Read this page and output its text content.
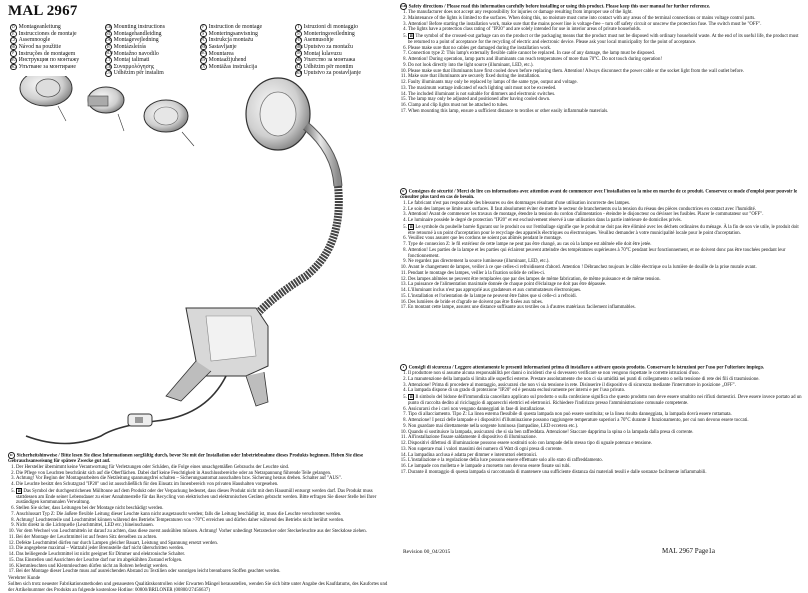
MAL 2967
D Montageanleitung
E Instrucciones de montaje
CZ Assemnoogle
SK Návod na použitie
P Instruções de montagem
RU Инструкция по монтажу
BG Упътване за монтиране
GB Mounting instructions
NL Montagehandleiding
DK Montagevejledning
H Montázsleírás
SLO Montažno navodilo
LT Montaj talimati
GR Συναρμολόγησης
UA Udhëzim për instalim
F Instruction de montage
S Monteringsanvisning
PL Instrukcja montażu
HR Sastavljanje
RO Mountarea
EST Montaažijuhend
LV Montāžas instrukcija
I Istruzioni di montaggio
N Monteringsveiledning
FIN Asennusohje
SRB Uputstvo za montažu
TR Montaj kılavuzu
MK Упатство за монтажа
AL Udhëzim për montim
BIH Uputstvo za postavljanje
D Sicherheitshinweise / Bitte lesen Sie diese Informationen sorgfältig durch, bevor Sie mit der Installation oder Inbetriebnahme dieses Produkts beginnen. Heben Sie diese Gebrauchsanweisung für spätere Zwecke gut auf.
1. Der Hersteller übernimmt keine Verantwortung für Verletzungen oder Schäden, die Folge eines unsachgemäßen Gebrauchs der Leuchte sind.
2. Die Pflege von Leuchten beschränkt sich auf die Oberflächen. Dabei darf keine Feuchtigkeit in Anschlussbereiche oder an Netzspannung führende Teile gelangen.
3. Achtung! Vor Beginn der Montagearbeiten die Netzleitung spannungsfrei schalten – Sicherungsautomat ausschalten bzw. Sicherung heraus drehen. Schalter auf "AUS".
4. Die Leuchte besitzt den Schutzgrad "IP20" und ist ausschließlich für den Einsatz im Innenbereich von privaten Haushalten vorgesehen.
5. ⊠ Das Symbol der durchgestrichenen Mülltonne auf dem Produkt oder der Verpackung bedeutet, dass dieses Produkt nicht mit dem Hausmüll entsorgt werden darf. Das Produkt muss stattdessen am Ende seiner Lebensdauer zu einer Annahmestelle für das Recycling von elektrischen und elektronischen Geräten gebracht werden. Bitte erfragen Sie dieser Stelle bei Ihrer zuständigen kommunalen Verwaltung.
6. Stellen Sie sicher, dass Leitungen bei der Montage nicht beschädigt werden.
7. Anschlussart Typ Z: Die äußere flexible Leitung dieser Leuchte kann nicht ausgetauscht werden; falls die Leitung beschädigt ist, muss die Leuchte verschrottet werden.
8. Achtung! Leuchtenteile und Leuchtmittel können während des Betriebs Temperaturen von >70°C erreichen und dürfen daher während des Betriebs nicht berührt werden.
9. Nicht direkt in die Lichtquelle (Leuchtmittel, LED etc.) hineinschauen.
10. Vor dem Wechsel von Leuchtmitteln ist darauf zu achten, dass diese zuerst auskühlen müssen. Achtung! Vorher unbedingt Netzstecker oder Steckerleuchte aus der Steckdose ziehen.
11. Bei der Montage der Leuchtmittel ist auf festen Sitz derselben zu achten.
12. Defekte Leuchtmittel dürfen nur durch Lampen gleicher Bauart, Leistung und Spannung ersetzt werden.
13. Die angegebene maximal – Wattzahl jeder Brennstelle darf nicht überschritten werden.
14. Das beiliegende Leuchtmittel ist nicht geeignet für Dimmer und elektronische Schalter.
15. Das Einstellen und Ausrichten der Leuchte darf nur im abgekühlten Zustand erfolgen.
16. Klemmleuchten und Klemmleuchten dürfen nicht an Rohren befestigt werden.
17. Bei der Montage dieser Leuchte muss auf ausreichenden Abstand zu Textilien oder sonstigen leicht brennbaren Stoffen geachtet werden.
Verehrter Kunde
Sollten sich trotz neuester Fabrikationsmethoden und genauesten Qualitätskontrollen wider Erwarten Mängel herausstellen, wenden Sie sich bitte unter Angabe des Kaufdatums, des Kaufortes und der Artikelnummer des Produkts an folgende kostenlose Hotline: 00800/BRILONER (00800/27456637)
GB Safety directions / Please read this information carefully before installing or using this product. Please keep this user manual for further reference.
1. The manufacturer does not accept any responsibility for injuries or damage resulting from improper use of the light.
2. Maintenance of the lights is limited to the surfaces. When doing this, no moisture must come into contact with any areas of the terminal connections or mains voltage control parts.
3. Attention! Before starting the installation work, make sure that the mains power line is voltage-free – turn off safety circuit or unscrew the protection fuse. The switch must be "OFF".
4. The lights have a protection class rating of "IP20" and are solely intended for use in interior areas of private households.
5. ⊠ The symbol of the crossed-out garbage can on the product or the packaging means that the product must not be disposed with ordinary household waste. At the end of its useful life, the product must be returned to a point of acceptance for the recycling of electric and electronic device. Please ask your local municipality for the point of acceptance.
6. Please make sure that no cables get damaged during the installation work.
7. Connection type Z: This lamp's externally flexible cable cannot be replaced. In case of any damage, the lamp must be disposed.
8. Attention! During operation, lamp parts and illuminants can reach temperatures of more than 70°C. Do not touch during operation!
9. Do not look directly into the light source (illuminant, LED, etc.).
10. Please make sure that illuminants have first cooled down before replacing them. Attention! Always disconnect the power cable or the socket light from the wall outlet before.
11. Make sure that illuminants are securely fixed during the installation.
12. Faulty illuminants may only be replaced by lamps of the same type, output and voltage.
13. The maximum wattage indicated of each lighting unit must not be exceeded.
14. The included illuminant is not suitable for dimmers and electronic switches.
15. The lamp may only be adjusted and positioned after having cooled down.
16. Clamp and clip lights must not be attached to tubes.
17. When mounting this lamp, ensure a sufficient distance to textiles or other easily inflammable materials.
F Consignes de sécurité / Merci de lire ces informations avec attention avant de commencer avec l'installation ou la mise en marche de ce produit. Conservez ce mode d'emploi pour pouvoir le consulter plus tard en cas de besoin.
1. Le fabricant n'est pas responsable des blessures ou des dommages résultant d'une utilisation incorrecte des lampes.
2. Le soin des lampes se limite aux surfaces. Il faut absolument éviter de mettre le secteur de branchements ou la tension du réseau des pièces conductrices en contact avec l'humidité.
3. Attention! Avant de commencer les travaux de montage, étendre la tension du cordon d'alimentation - éteindre le disjoncteur ou dévisser les fusibles. Placer le commutateur sur "OFF".
4. Le luminaire possède le degré de protection "IP20" et est exclusivement réservé à une utilisation dans la partie intérieure de domiciles privés.
5. ⊠ Le symbole du poubelle barrée figurant sur le produit ou sur l'emballage signifie que le produit ne doit pas être éliminé avec les déchets ordinaires du ménage. À la fin de son vie utile, le produit doit être retourné à un point d'acceptation pour le recyclage des appareils électriques ou électroniques. Veuillez demander à votre municipalité locale pour le point d'acceptation.
6. Veuillez vous assurer que les cordons ne soient pas abîmés pendant le montage.
7. Type de connexion Z: le fil extérieur de cette lampe ne peut pas être changé, au cas où la lampe est abîmée elle doit être jetée.
8. Attention! Les parties de la lampe et les parties qui éclairent peuvent atteindre des températures supérieures à 70°C pendant leur fonctionnement, et ne doivent donc pas être touchées pendant leur fonctionnement.
9. Ne regardez pas directement la source lumineuse (illuminant, LED, etc.).
10. Avant le changement de lampes, veiller à ce que celles-ci refroidissent d'abord. Attention ! Débranchez toujours le câble électrique ou la lumière de douille de la prise murale avant.
11. Pendant le montage des lampes, veiller à la fixation solide de celles-ci.
12. Des lampes abîmées ne peuvent être remplacées que par des lampes de même fabrication, de même puissance et de même tension.
13. La puissance de l'alimentation maximale donnée de chaque point d'éclairage ne doit pas être dépassée.
14. L'illuminant inclus n'est pas approprié aux gradateurs et aux commutateurs électroniques.
15. L'installation et l'orientation de la lampe ne peuvent être faites que si celle-ci a refroidi.
16. Des lumières de bride et d'agrafe ne doivent pas être fixées aux tubes.
17. En montant cette lampe, assurez une distance suffisante aux textiles ou à d'autres matériaux facilement inflammables.
I Consigli di sicurezza / Leggere attentamente le presenti informazioni prima di installare o attivare questo prodotto. Conservare le istruzioni per l'uso per l'ulteriore impiego.
1. Il produttore non si assume alcuna responsabilità per danni o incidenti che si dovessero verificare se non vengono rispettate le corrette istruzioni d'uso.
2. La manutenzione della lampada si limita alle superfici esterne. Prestare assolutamente che non ci sia umidità nei punti di collegamento o nella tensione di rete dei fili di trasmissione.
3. Attenzione! Prima di procedere al montaggio, assicurarsi che non vi sia tensione in rete. Disinserire il dispositivo di sicurezza mediante l'interruttore in posizione „OFF".
4. La lampada dispone di un grado di protezione "IP20" ed è pensata esclusivamente per interni e per l'uso privato.
5. ⊠ Il simbolo del bidone dell'immondizia cancellato applicato sul prodotto o sulla confezione significa che questo prodotto non deve essere smaltito nei rifiuti domestici. Deve essere invece portato ad un punto di raccolta dedito al riciclaggio di apparecchi elettrici ed elettronici. Richiedere l'indirizzo presso l'amministrazione comunale competente.
6. Assicurarsi che i cavi non vengano danneggiati in fase di installazione.
7. Tipo di allacciamento. Tipo Z: La linea esterna flessibile di questa lampada non può essere sostituita; se la linea risulta danneggiata, la lampada dovrà essere rottamata.
8. Attenzione! I pezzi delle lampade e i dispositivi d'illuminazione possono raggiungere temperature superiori a 70°C durante il funzionamento, per cui non devono essere toccati.
9. Non guardare mai direttamente nella sorgente luminosa (lampadine, LED eccetera etc.).
10. Quando si sostituisce la lampada, assicurarsi che si sia ben raffreddata. Attenzione! Staccare dapprima la spina o la lampada dalla presa di corrente.
11. All'installazione fissare saldamente il dispositivo di illuminazione.
12. Dispositivi difettosi di illuminazione possono essere sostituiti solo con lampade dello stesso tipo di uguale potenza e tensione.
13. Non superare mai i valori massimi dei numero di Watt di ogni presa di corrente.
14. La lampadina acclusa è adatta per dimmer e interruttori elettronici.
15. L'installazione e la regolazione della luce possono essere effettuate solo allo stato di raffreddamento.
16. Le lampade con molletta e le lampade a morsetto non devono essere fissate sui tubi.
17. Durante il montaggio di questa lampada si raccomanda di mantenere una sufficiente distanza dai materiali tessili e dalle sostanze facilmente infiammabili.
Revision 00_04/2015	MAL 2967 Page1a
